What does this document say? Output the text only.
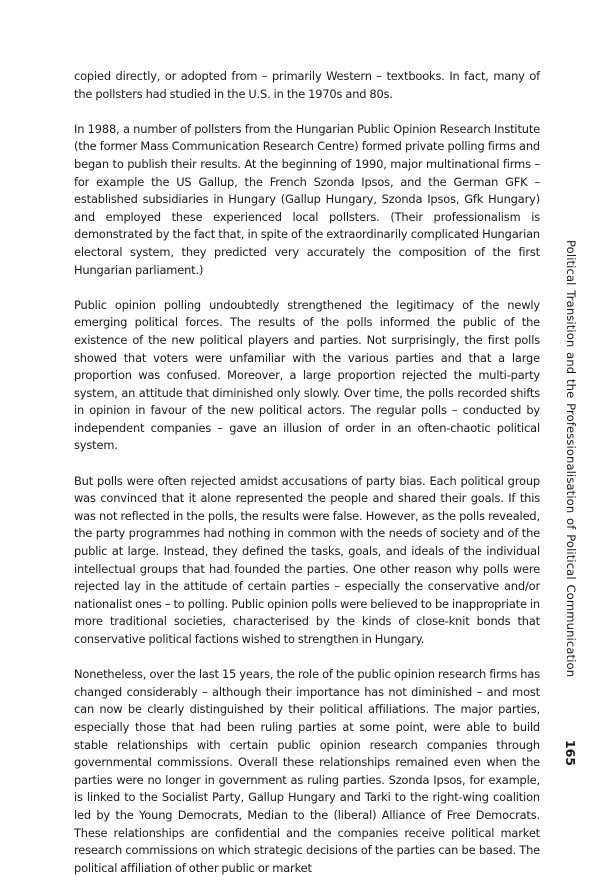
copied directly, or adopted from – primarily Western – textbooks. In fact, many of the pollsters had studied in the U.S. in the 1970s and 80s.

In 1988, a number of pollsters from the Hungarian Public Opinion Research Institute (the former Mass Communication Research Centre) formed private polling firms and began to publish their results. At the beginning of 1990, major multinational firms – for example the US Gallup, the French Szonda Ipsos, and the German GFK – established subsidiaries in Hungary (Gallup Hungary, Szonda Ipsos, Gfk Hungary) and employed these experienced local pollsters. (Their professionalism is demonstrated by the fact that, in spite of the extraordinarily complicated Hungarian electoral system, they predicted very accurately the composition of the first Hungarian parliament.)

Public opinion polling undoubtedly strengthened the legitimacy of the newly emerging political forces. The results of the polls informed the public of the existence of the new political players and parties. Not surprisingly, the first polls showed that voters were unfamiliar with the various parties and that a large proportion was confused. Moreover, a large proportion rejected the multi-party system, an attitude that diminished only slowly. Over time, the polls recorded shifts in opinion in favour of the new political actors. The regular polls – conducted by independent companies – gave an illusion of order in an often-chaotic political system.

But polls were often rejected amidst accusations of party bias. Each political group was convinced that it alone represented the people and shared their goals. If this was not reflected in the polls, the results were false. However, as the polls revealed, the party programmes had nothing in common with the needs of society and of the public at large. Instead, they defined the tasks, goals, and ideals of the individual intellectual groups that had founded the parties. One other reason why polls were rejected lay in the attitude of certain parties – especially the conservative and/or nationalist ones – to polling. Public opinion polls were believed to be inappropriate in more traditional societies, characterised by the kinds of close-knit bonds that conservative political factions wished to strengthen in Hungary.

Nonetheless, over the last 15 years, the role of the public opinion research firms has changed considerably – although their importance has not diminished – and most can now be clearly distinguished by their political affiliations. The major parties, especially those that had been ruling parties at some point, were able to build stable relationships with certain public opinion research companies through governmental commissions. Overall these relationships remained even when the parties were no longer in government as ruling parties. Szonda Ipsos, for example, is linked to the Socialist Party, Gallup Hungary and Tarki to the right-wing coalition led by the Young Democrats, Median to the (liberal) Alliance of Free Democrats. These relationships are confidential and the companies receive political market research commissions on which strategic decisions of the parties can be based. The political affiliation of other public or market

Political Transition and the Professionalisation of Political Communication
165
